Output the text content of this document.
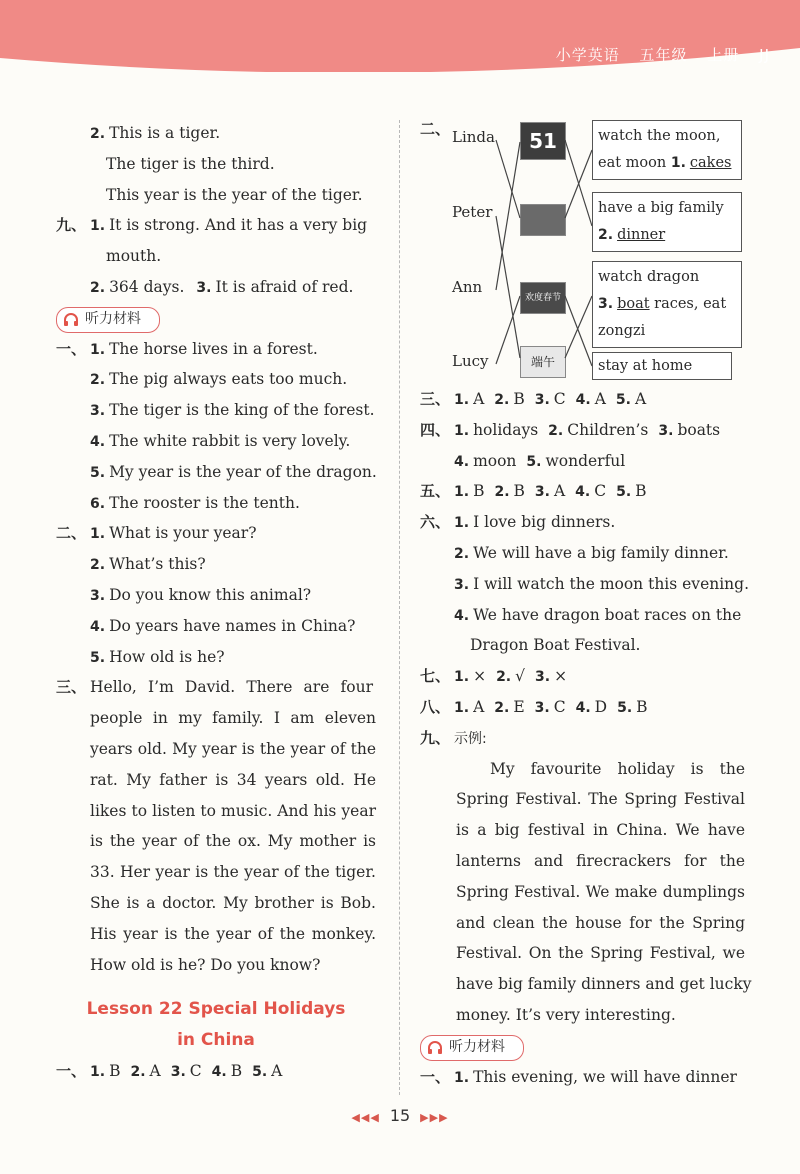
小学英语 五年级 上册 JJ
2. This is a tiger.
The tiger is the third.
This year is the year of the tiger.
九、 1. It is strong. And it has a very big
mouth.
2. 364 days. 3. It is afraid of red.
听力材料
一、 1. The horse lives in a forest.
2. The pig always eats too much.
3. The tiger is the king of the forest.
4. The white rabbit is very lovely.
5. My year is the year of the dragon.
6. The rooster is the tenth.
二、 1. What is your year?
2. What’s this?
3. Do you know this animal?
4. Do years have names in China?
5. How old is he?
三、 Hello, I’m David. There are four
people in my family. I am eleven
years old. My year is the year of the
rat. My father is 34 years old. He
likes to listen to music. And his year
is the year of the ox. My mother is
33. Her year is the year of the tiger.
She is a doctor. My brother is Bob.
His year is the year of the monkey.
How old is he? Do you know?
Lesson 22 Special Holidays
in China
一、 1. B 2. A 3. C 4. B 5. A
二、 Linda
Peter
Ann
Lucy
51
欢度春节
端午
watch the moon,
eat moon 1. cakes
have a big family
2. dinner
watch dragon
3. boat races, eat
zongzi
stay at home
三、 1. A 2. B 3. C 4. A 5. A
四、 1. holidays 2. Children’s 3. boats
4. moon 5. wonderful
五、 1. B 2. B 3. A 4. C 5. B
六、 1. I love big dinners.
2. We will have a big family dinner.
3. I will watch the moon this evening.
4. We have dragon boat races on the
Dragon Boat Festival.
七、 1. × 2. √ 3. ×
八、 1. A 2. E 3. C 4. D 5. B
九、 示例:
My favourite holiday is the
Spring Festival. The Spring Festival
is a big festival in China. We have
lanterns and firecrackers for the
Spring Festival. We make dumplings
and clean the house for the Spring
Festival. On the Spring Festival, we
have big family dinners and get lucky
money. It’s very interesting.
听力材料
一、 1. This evening, we will have dinner
◀◀◀ 15 ▶▶▶
